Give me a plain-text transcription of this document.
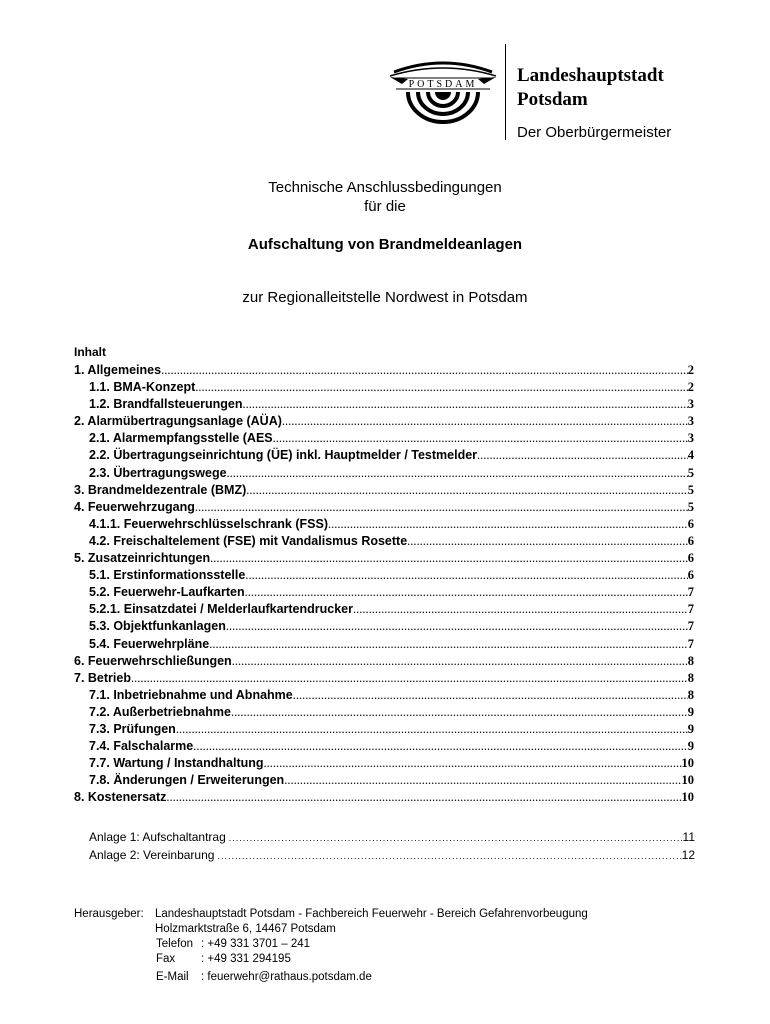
POTSDAM Landeshauptstadt
Potsdam

Der Oberbürgermeister

Technische Anschlussbedingungen

für die

Aufschaltung von Brandmeldeanlagen

zur Regionalleitstelle Nordwest in Potsdam

Inhalt

1. Allgemeines .....	2
1.1. BMA-Konzept .....	2
1.2. Brandfallsteuerungen .....	3
2. Alarmübertragungsanlage (AÜA) .....	3
2.1. Alarmempfangsstelle (AES .....	3
2.2. Übertragungseinrichtung (ÜE) inkl. Hauptmelder / Testmelder .....	4
2.3. Übertragungswege .....	5
3. Brandmeldezentrale (BMZ) .....	5
4. Feuerwehrzugang .....	5
4.1.1. Feuerwehrschlüsselschrank (FSS) .....	6
4.2. Freischaltelement (FSE) mit Vandalismus Rosette .....	6
5. Zusatzeinrichtungen .....	6
5.1. Erstinformationsstelle .....	6
5.2. Feuerwehr-Laufkarten .....	7
5.2.1. Einsatzdatei / Melderlaufkartendrucker .....	7
5.3. Objektfunkanlagen .....	7
5.4. Feuerwehrpläne .....	7
6. Feuerwehrschließungen .....	8
7. Betrieb .....	8
7.1. Inbetriebnahme und Abnahme .....	8
7.2. Außerbetriebnahme .....	9
7.3. Prüfungen .....	9
7.4. Falschalarme .....	9
7.7. Wartung / Instandhaltung .....	10
7.8. Änderungen / Erweiterungen .....	10
8. Kostenersatz .....	10
Anlage 1: Aufschaltantrag .....	11
Anlage 2: Vereinbarung .....	12
Herausgeber: Landeshauptstadt Potsdam - Fachbereich Feuerwehr - Bereich Gefahrenvorbeugung
Holzmarktstraße 6, 14467 Potsdam
Telefon : +49 331 3701 – 241
Fax	: +49 331 294195
E-Mail	: feuerwehr@rathaus.potsdam.de
